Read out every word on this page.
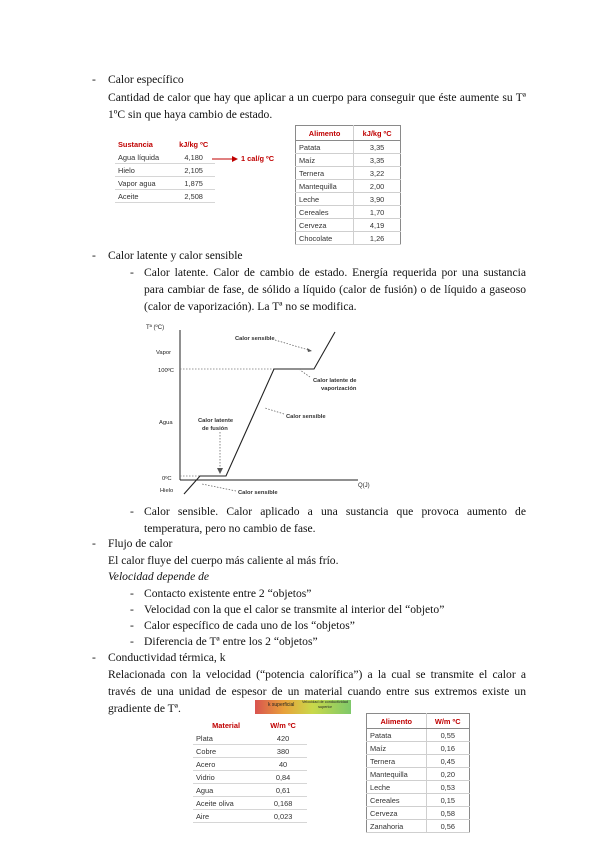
- Calor específico
Cantidad de calor que hay que aplicar a un cuerpo para conseguir que éste aumente su Tª 1ºC sin que haya cambio de estado.
Sustancia	kJ/kg ºC
Agua líquida	4,180
Hielo	2,105
Vapor agua	1,875
Aceite	2,508
1 cal/g ºC
Alimento	kJ/kg ºC
Patata	3,35
Maíz	3,35
Ternera	3,22
Mantequilla	2,00
Leche	3,90
Cereales	1,70
Cerveza	4,19
Chocolate	1,26
- Calor latente y calor sensible
- Calor latente. Calor de cambio de estado. Energía requerida por una sustancia para cambiar de fase, de sólido a líquido (calor de fusión) o de líquido a gaseoso (calor de vaporización). La Tª no se modifica.
Tª (ºC)
Q(J)
Vapor
100ºC
Agua
0ºC
Hielo
Calor sensible
Calor latente de
vaporización
Calor sensible
Calor latente
de fusión
Calor sensible
- Calor sensible. Calor aplicado a una sustancia que provoca aumento de temperatura, pero no cambio de fase.
- Flujo de calor
El calor fluye del cuerpo más caliente al más frío.
Velocidad depende de
- Contacto existente entre 2 “objetos”
- Velocidad con la que el calor se transmite al interior del “objeto”
- Calor específico de cada uno de los “objetos”
- Diferencia de Tª entre los 2 “objetos”
- Conductividad térmica, k
Relacionada con la velocidad (“potencia calorífica”) a la cual se transmite el calor a través de una unidad de espesor de un material cuando entre sus extremos existe un gradiente de Tª.	k superficial Velocidad de conductividad
superior
Material	W/m ºC
Plata	420
Cobre	380
Acero	40
Vidrio	0,84
Agua	0,61
Aceite oliva	0,168
Aire	0,023
Alimento	W/m ºC
Patata	0,55
Maíz	0,16
Ternera	0,45
Mantequilla	0,20
Leche	0,53
Cereales	0,15
Cerveza	0,58
Zanahoria	0,56
